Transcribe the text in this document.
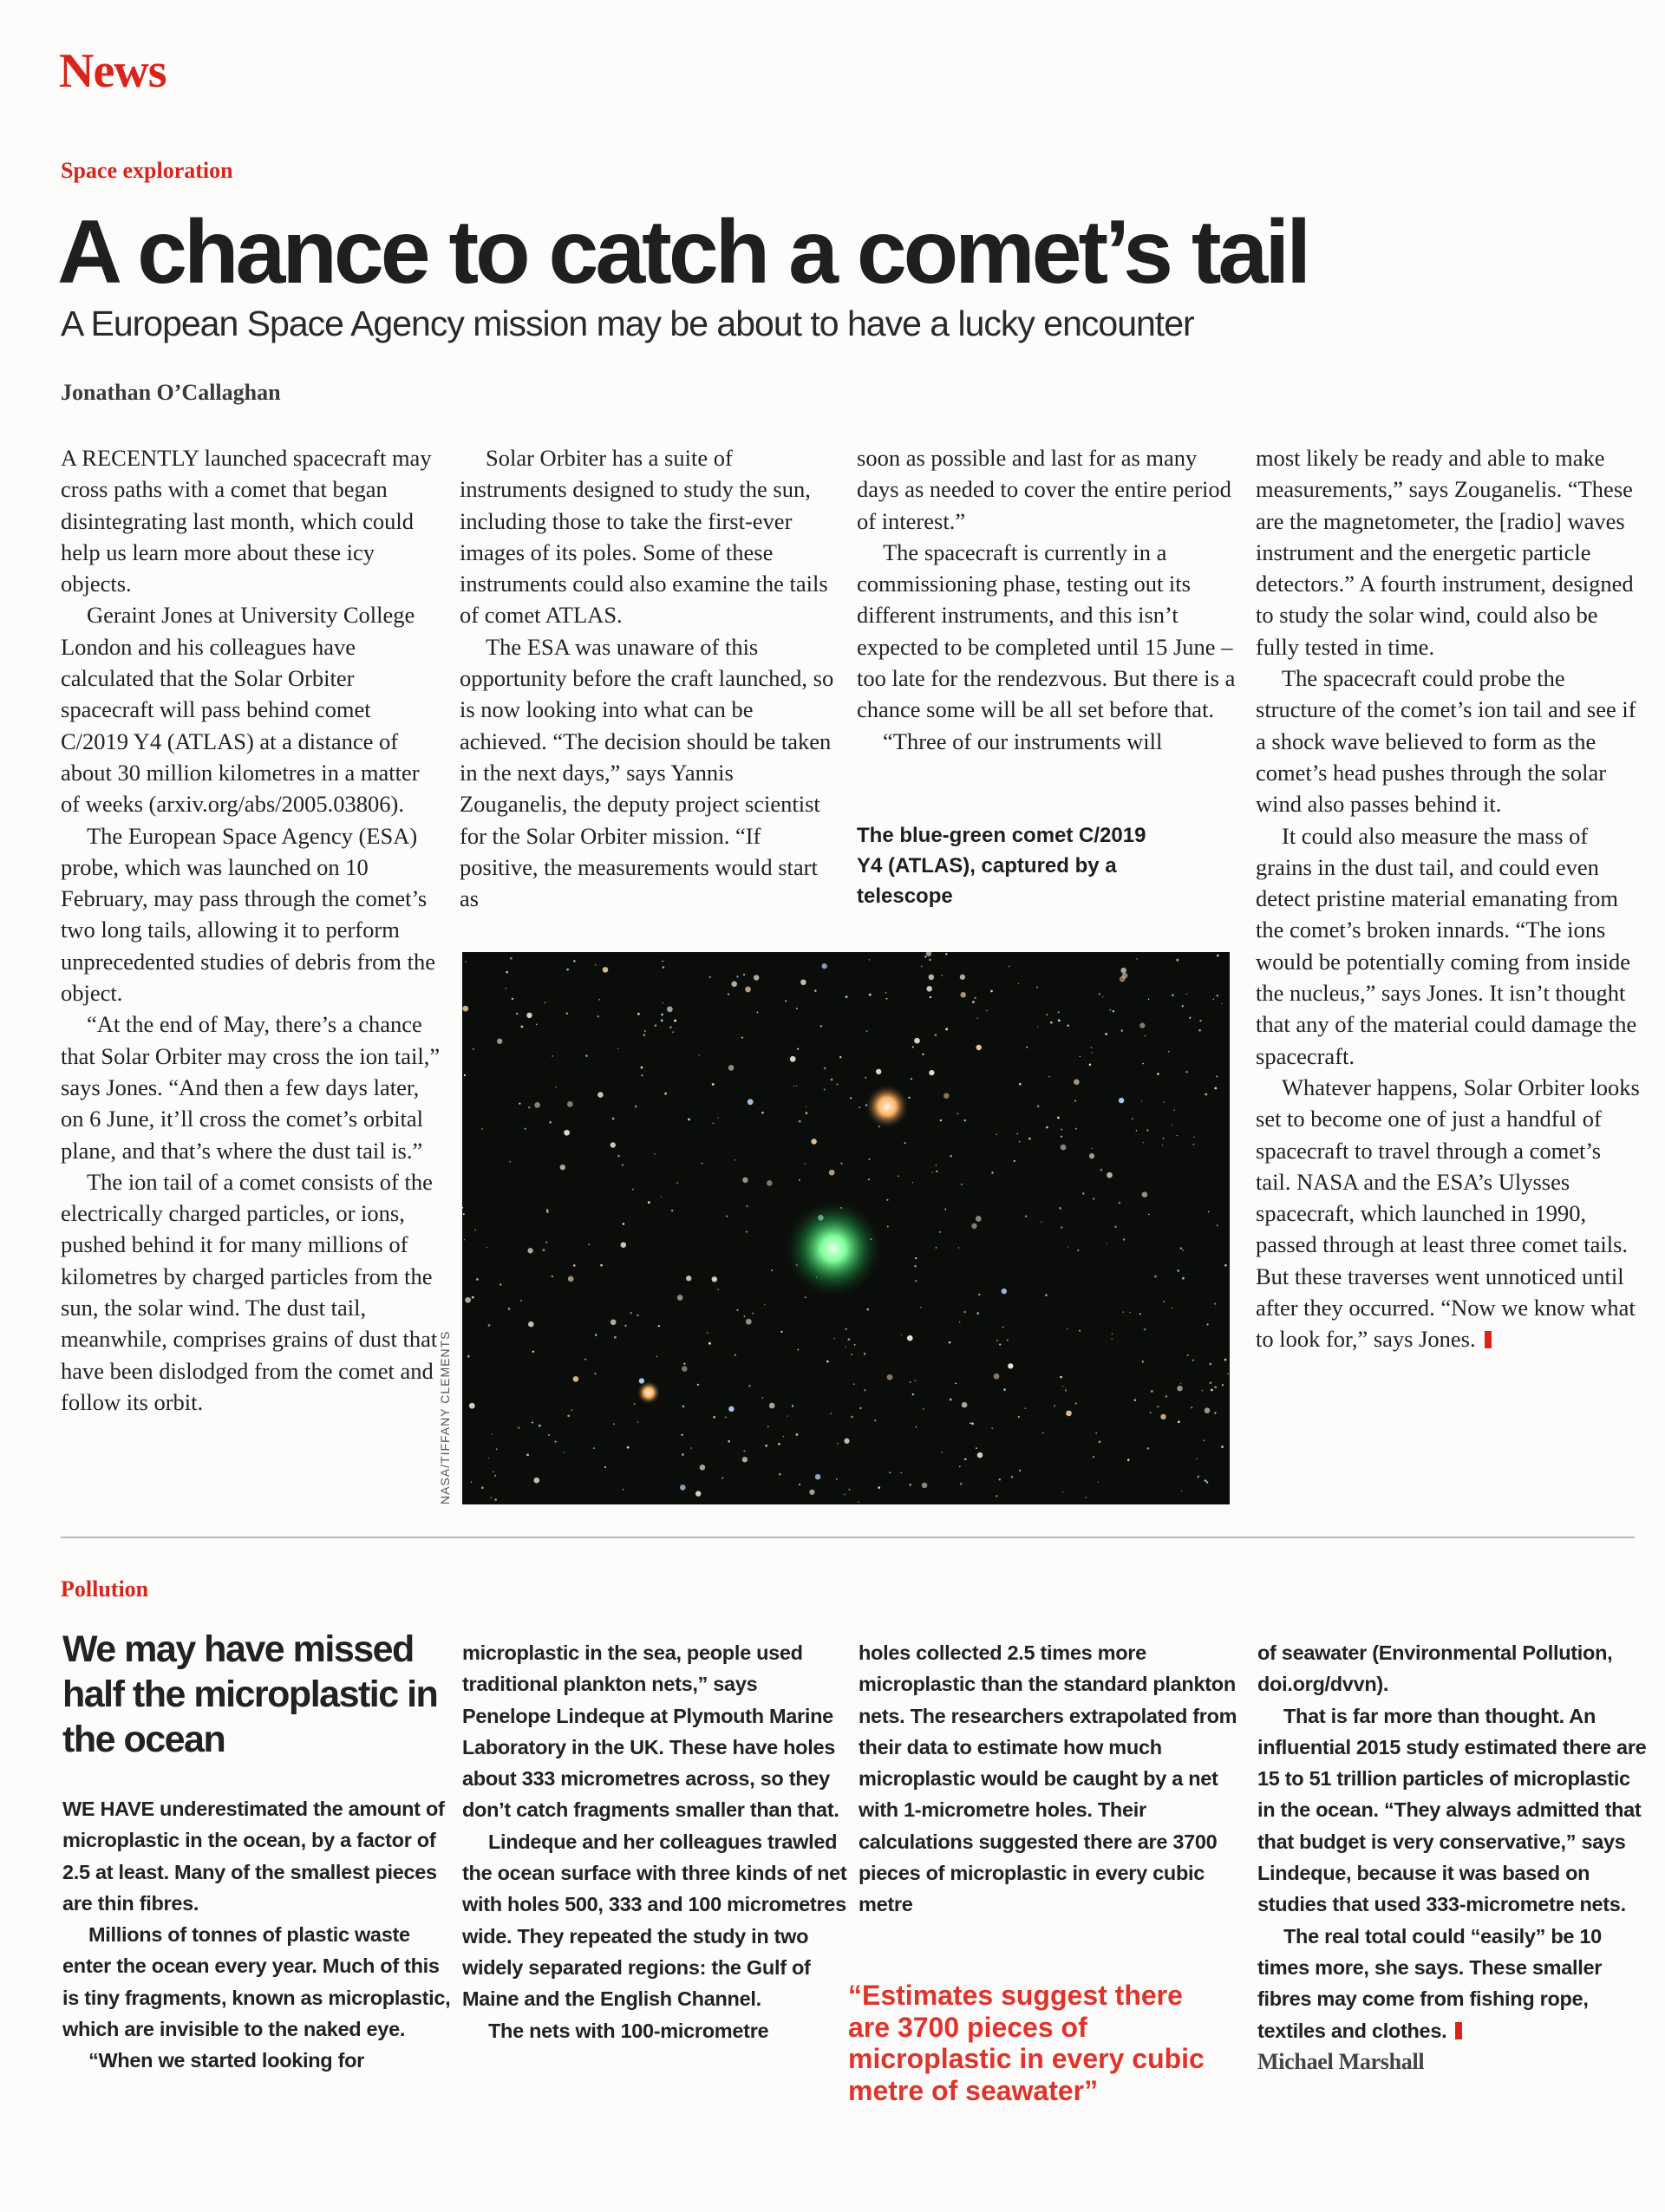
News
Space exploration
A chance to catch a comet’s tail
A European Space Agency mission may be about to have a lucky encounter
Jonathan O’Callaghan

A RECENTLY launched spacecraft may cross paths with a comet that began disintegrating last month, which could help us learn more about these icy objects.

Geraint Jones at University College London and his colleagues have calculated that the Solar Orbiter spacecraft will pass behind comet C/2019 Y4 (ATLAS) at a distance of about 30 million kilometres in a matter of weeks (arxiv.org/abs/2005.03806).

The European Space Agency (ESA) probe, which was launched on 10 February, may pass through the comet’s two long tails, allowing it to perform unprecedented studies of debris from the object.

“At the end of May, there’s a chance that Solar Orbiter may cross the ion tail,” says Jones. “And then a few days later, on 6 June, it’ll cross the comet’s orbital plane, and that’s where the dust tail is.”

The ion tail of a comet consists of the electrically charged particles, or ions, pushed behind it for many millions of kilometres by charged particles from the sun, the solar wind. The dust tail, meanwhile, comprises grains of dust that have been dislodged from the comet and follow its orbit.

Solar Orbiter has a suite of instruments designed to study the sun, including those to take the first-ever images of its poles. Some of these instruments could also examine the tails of comet ATLAS.

The ESA was unaware of this opportunity before the craft launched, so is now looking into what can be achieved. “The decision should be taken in the next days,” says Yannis Zouganelis, the deputy project scientist for the Solar Orbiter mission. “If positive, the measurements would start as

soon as possible and last for as many days as needed to cover the entire period of interest.”

The spacecraft is currently in a commissioning phase, testing out its different instruments, and this isn’t expected to be completed until 15 June – too late for the rendezvous. But there is a chance some will be all set before that.

“Three of our instruments will

The blue-green comet C/2019 Y4 (ATLAS), captured by a telescope
NASA/TIFFANY CLEMENTS

most likely be ready and able to make measurements,” says Zouganelis. “These are the magnetometer, the [radio] waves instrument and the energetic particle detectors.” A fourth instrument, designed to study the solar wind, could also be fully tested in time.

The spacecraft could probe the structure of the comet’s ion tail and see if a shock wave believed to form as the comet’s head pushes through the solar wind also passes behind it.

It could also measure the mass of grains in the dust tail, and could even detect pristine material emanating from the comet’s broken innards. “The ions would be potentially coming from inside the nucleus,” says Jones. It isn’t thought that any of the material could damage the spacecraft.

Whatever happens, Solar Orbiter looks set to become one of just a handful of spacecraft to travel through a comet’s tail. NASA and the ESA’s Ulysses spacecraft, which launched in 1990, passed through at least three comet tails. But these traverses went unnoticed until after they occurred. “Now we know what to look for,” says Jones.

Pollution
We may have missed half the microplastic in the ocean

WE HAVE underestimated the amount of microplastic in the ocean, by a factor of 2.5 at least. Many of the smallest pieces are thin fibres.

Millions of tonnes of plastic waste enter the ocean every year. Much of this is tiny fragments, known as microplastic, which are invisible to the naked eye.

“When we started looking for

microplastic in the sea, people used traditional plankton nets,” says Penelope Lindeque at Plymouth Marine Laboratory in the UK. These have holes about 333 micrometres across, so they don’t catch fragments smaller than that.

Lindeque and her colleagues trawled the ocean surface with three kinds of net with holes 500, 333 and 100 micrometres wide. They repeated the study in two widely separated regions: the Gulf of Maine and the English Channel.

The nets with 100-micrometre

holes collected 2.5 times more microplastic than the standard plankton nets. The researchers extrapolated from their data to estimate how much microplastic would be caught by a net with 1-micrometre holes. Their calculations suggested there are 3700 pieces of microplastic in every cubic metre

“Estimates suggest there are 3700 pieces of microplastic in every cubic metre of seawater”

of seawater (Environmental Pollution, doi.org/dvvn).

That is far more than thought. An influential 2015 study estimated there are 15 to 51 trillion particles of microplastic in the ocean. “They always admitted that that budget is very conservative,” says Lindeque, because it was based on studies that used 333-micrometre nets.

The real total could “easily” be 10 times more, she says. These smaller fibres may come from fishing rope, textiles and clothes.

Michael Marshall
